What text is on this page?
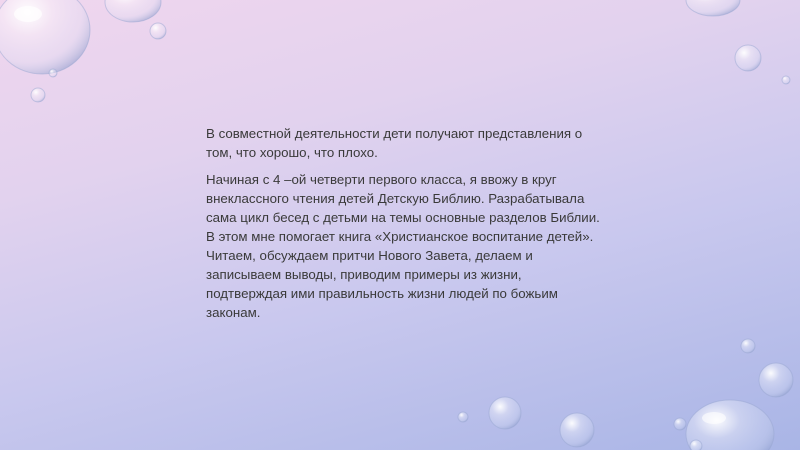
В совместной деятельности дети получают представления о том, что хорошо, что плохо.

Начиная с 4 –ой четверти первого класса, я ввожу в круг внеклассного чтения детей Детскую Библию. Разрабатывала сама цикл бесед с детьми на темы основные разделов Библии. В этом мне помогает книга «Христианское воспитание детей». Читаем, обсуждаем притчи Нового Завета, делаем и записываем выводы, приводим примеры из жизни, подтверждая ими правильность жизни людей по божьим законам.
